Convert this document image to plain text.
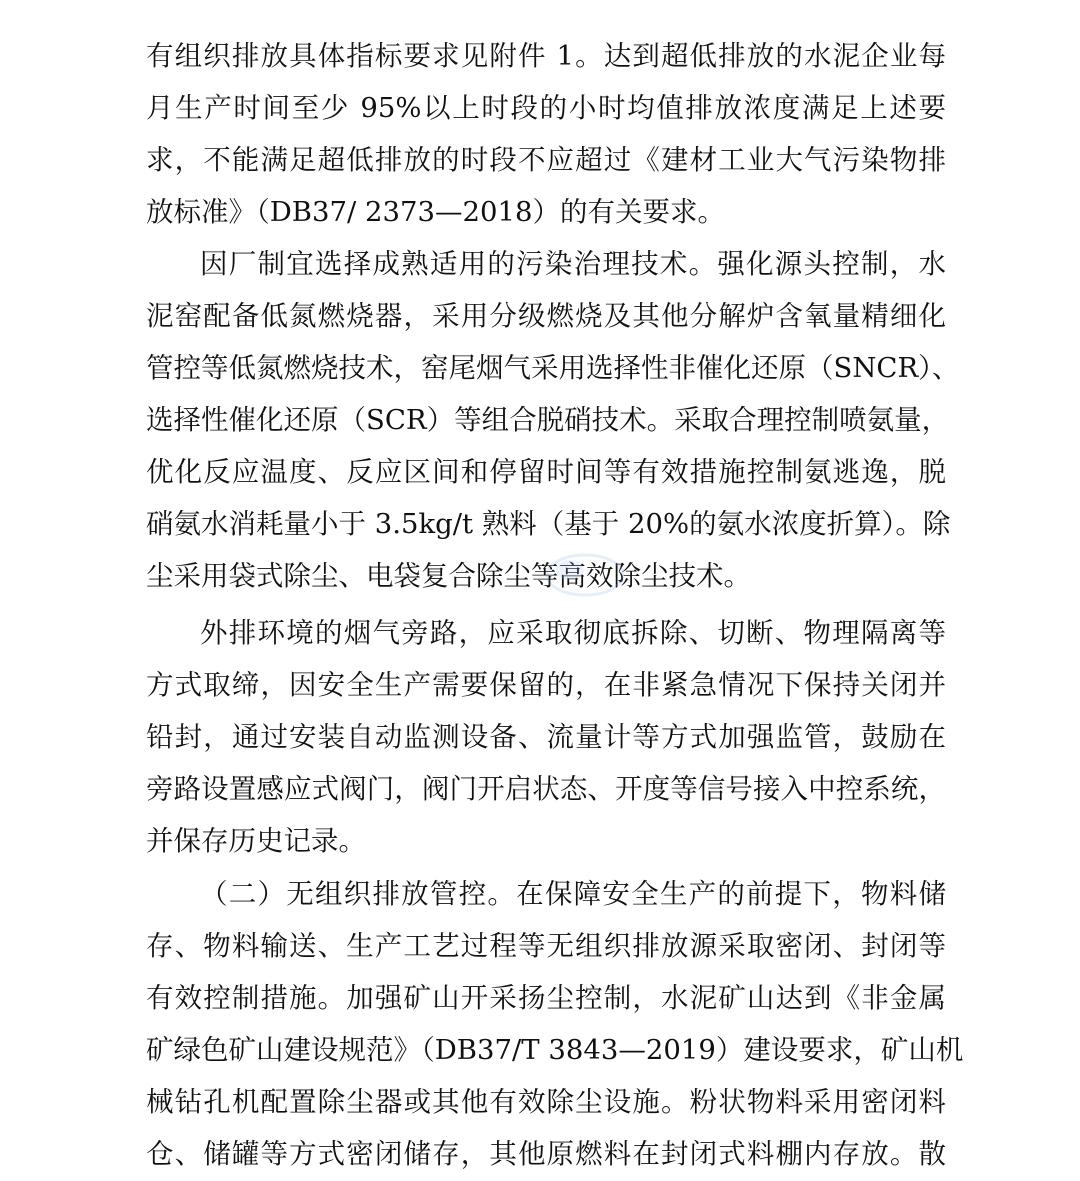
有组织排放具体指标要求见附件 1。达到超低排放的水泥企业每
月生产时间至少 95%以上时段的小时均值排放浓度满足上述要
求，不能满足超低排放的时段不应超过《建材工业大气污染物排
放标准》（DB37/ 2373—2018）的有关要求。
因厂制宜选择成熟适用的污染治理技术。强化源头控制，水
泥窑配备低氮燃烧器，采用分级燃烧及其他分解炉含氧量精细化
管控等低氮燃烧技术，窑尾烟气采用选择性非催化还原（SNCR）、
选择性催化还原（SCR）等组合脱硝技术。采取合理控制喷氨量，
优化反应温度、反应区间和停留时间等有效措施控制氨逃逸，脱
硝氨水消耗量小于 3.5kg/t 熟料（基于 20%的氨水浓度折算）。除
尘采用袋式除尘、电袋复合除尘等高效除尘技术。
外排环境的烟气旁路，应采取彻底拆除、切断、物理隔离等
方式取缔，因安全生产需要保留的，在非紧急情况下保持关闭并
铅封，通过安装自动监测设备、流量计等方式加强监管，鼓励在
旁路设置感应式阀门，阀门开启状态、开度等信号接入中控系统，
并保存历史记录。
（二）无组织排放管控。在保障安全生产的前提下，物料储
存、物料输送、生产工艺过程等无组织排放源采取密闭、封闭等
有效控制措施。加强矿山开采扬尘控制，水泥矿山达到《非金属
矿绿色矿山建设规范》（DB37/T 3843—2019）建设要求，矿山机
械钻孔机配置除尘器或其他有效除尘设施。粉状物料采用密闭料
仓、储罐等方式密闭储存，其他原燃料在封闭式料棚内存放。散
